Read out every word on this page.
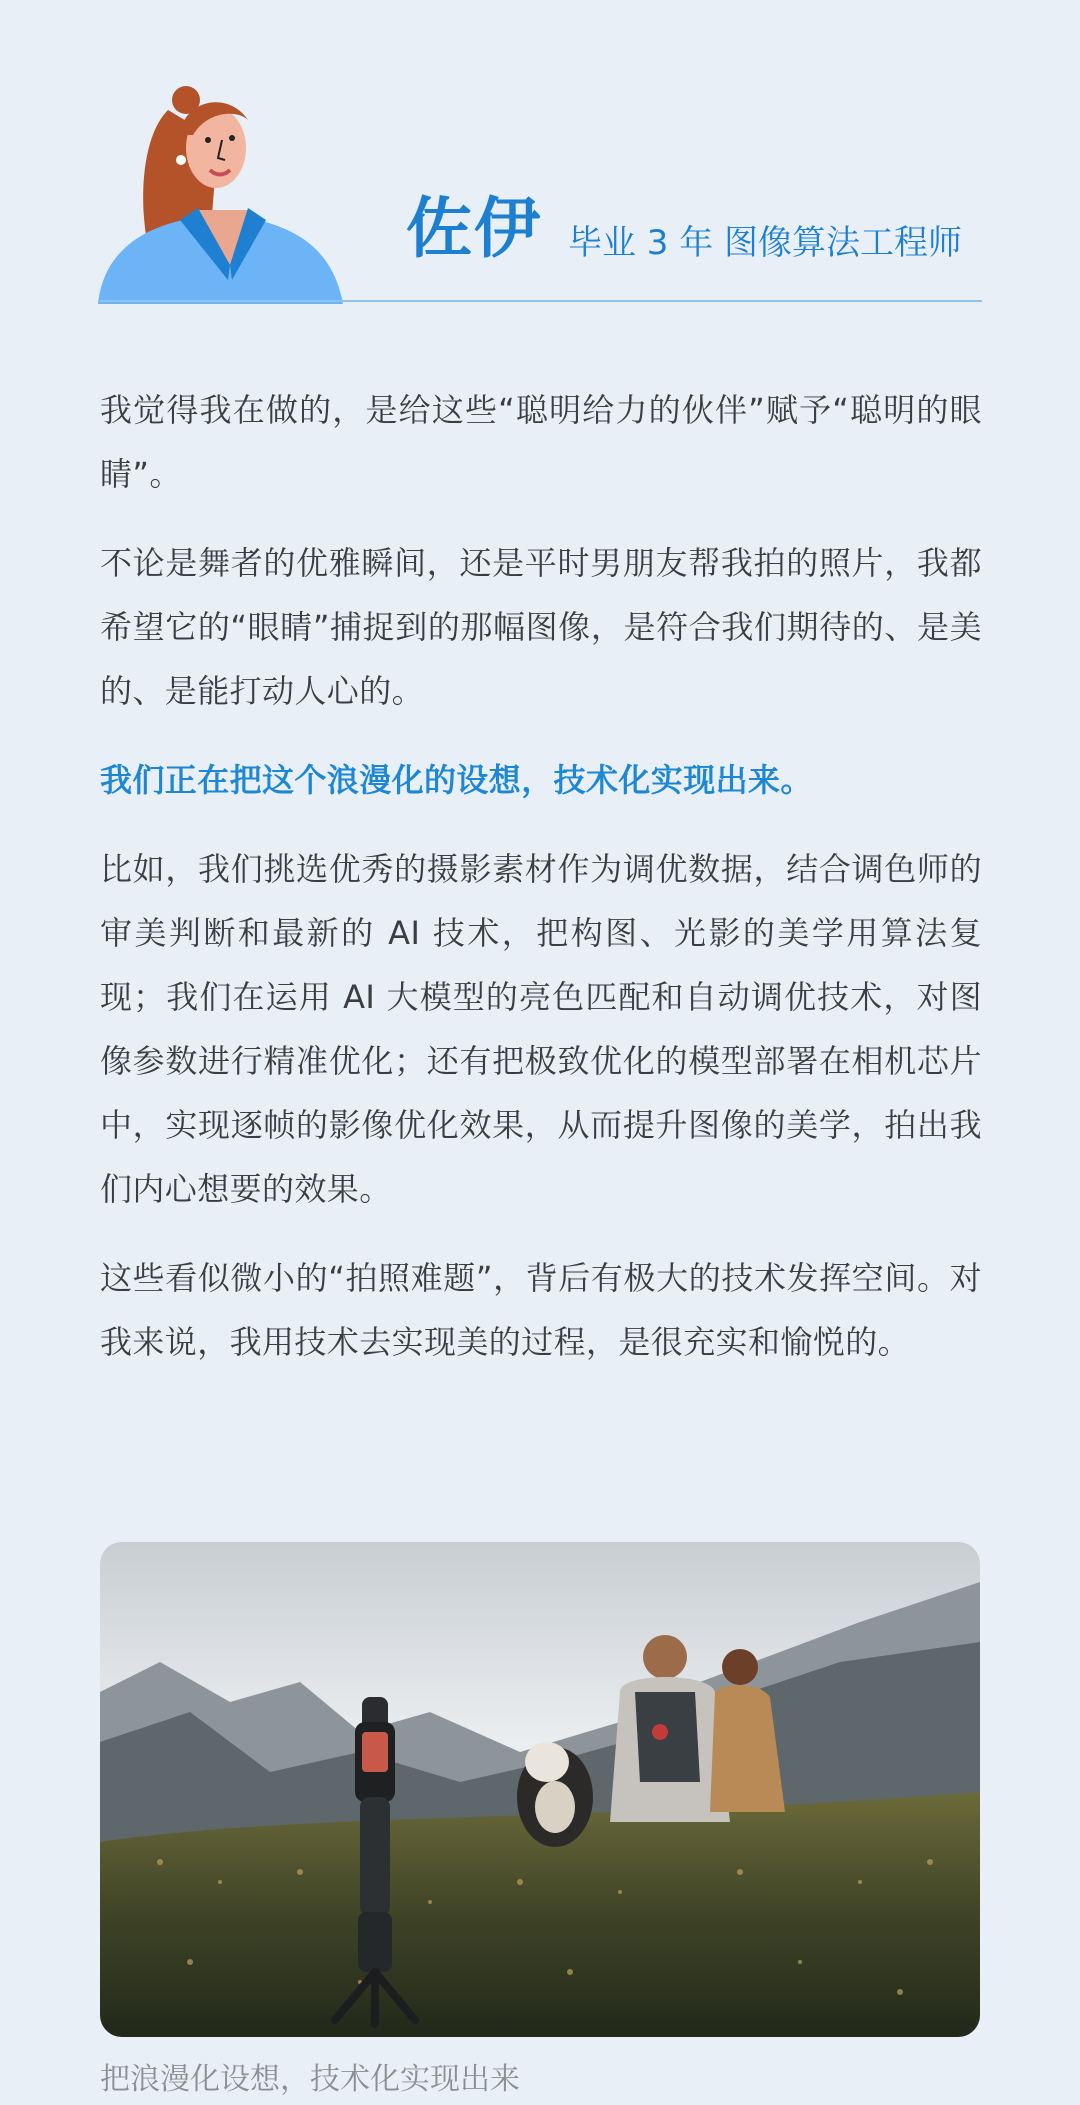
佐伊 毕业 3 年 图像算法工程师

我觉得我在做的，是给这些“聪明给力的伙伴”赋予“聪明的眼睛”。

不论是舞者的优雅瞬间，还是平时男朋友帮我拍的照片，我都希望它的“眼睛”捕捉到的那幅图像，是符合我们期待的、是美的、是能打动人心的。

我们正在把这个浪漫化的设想，技术化实现出来。

比如，我们挑选优秀的摄影素材作为调优数据，结合调色师的审美判断和最新的 AI 技术，把构图、光影的美学用算法复现；我们在运用 AI 大模型的亮色匹配和自动调优技术，对图像参数进行精准优化；还有把极致优化的模型部署在相机芯片中，实现逐帧的影像优化效果，从而提升图像的美学，拍出我们内心想要的效果。

这些看似微小的“拍照难题”，背后有极大的技术发挥空间。对我来说，我用技术去实现美的过程，是很充实和愉悦的。

把浪漫化设想，技术化实现出来
